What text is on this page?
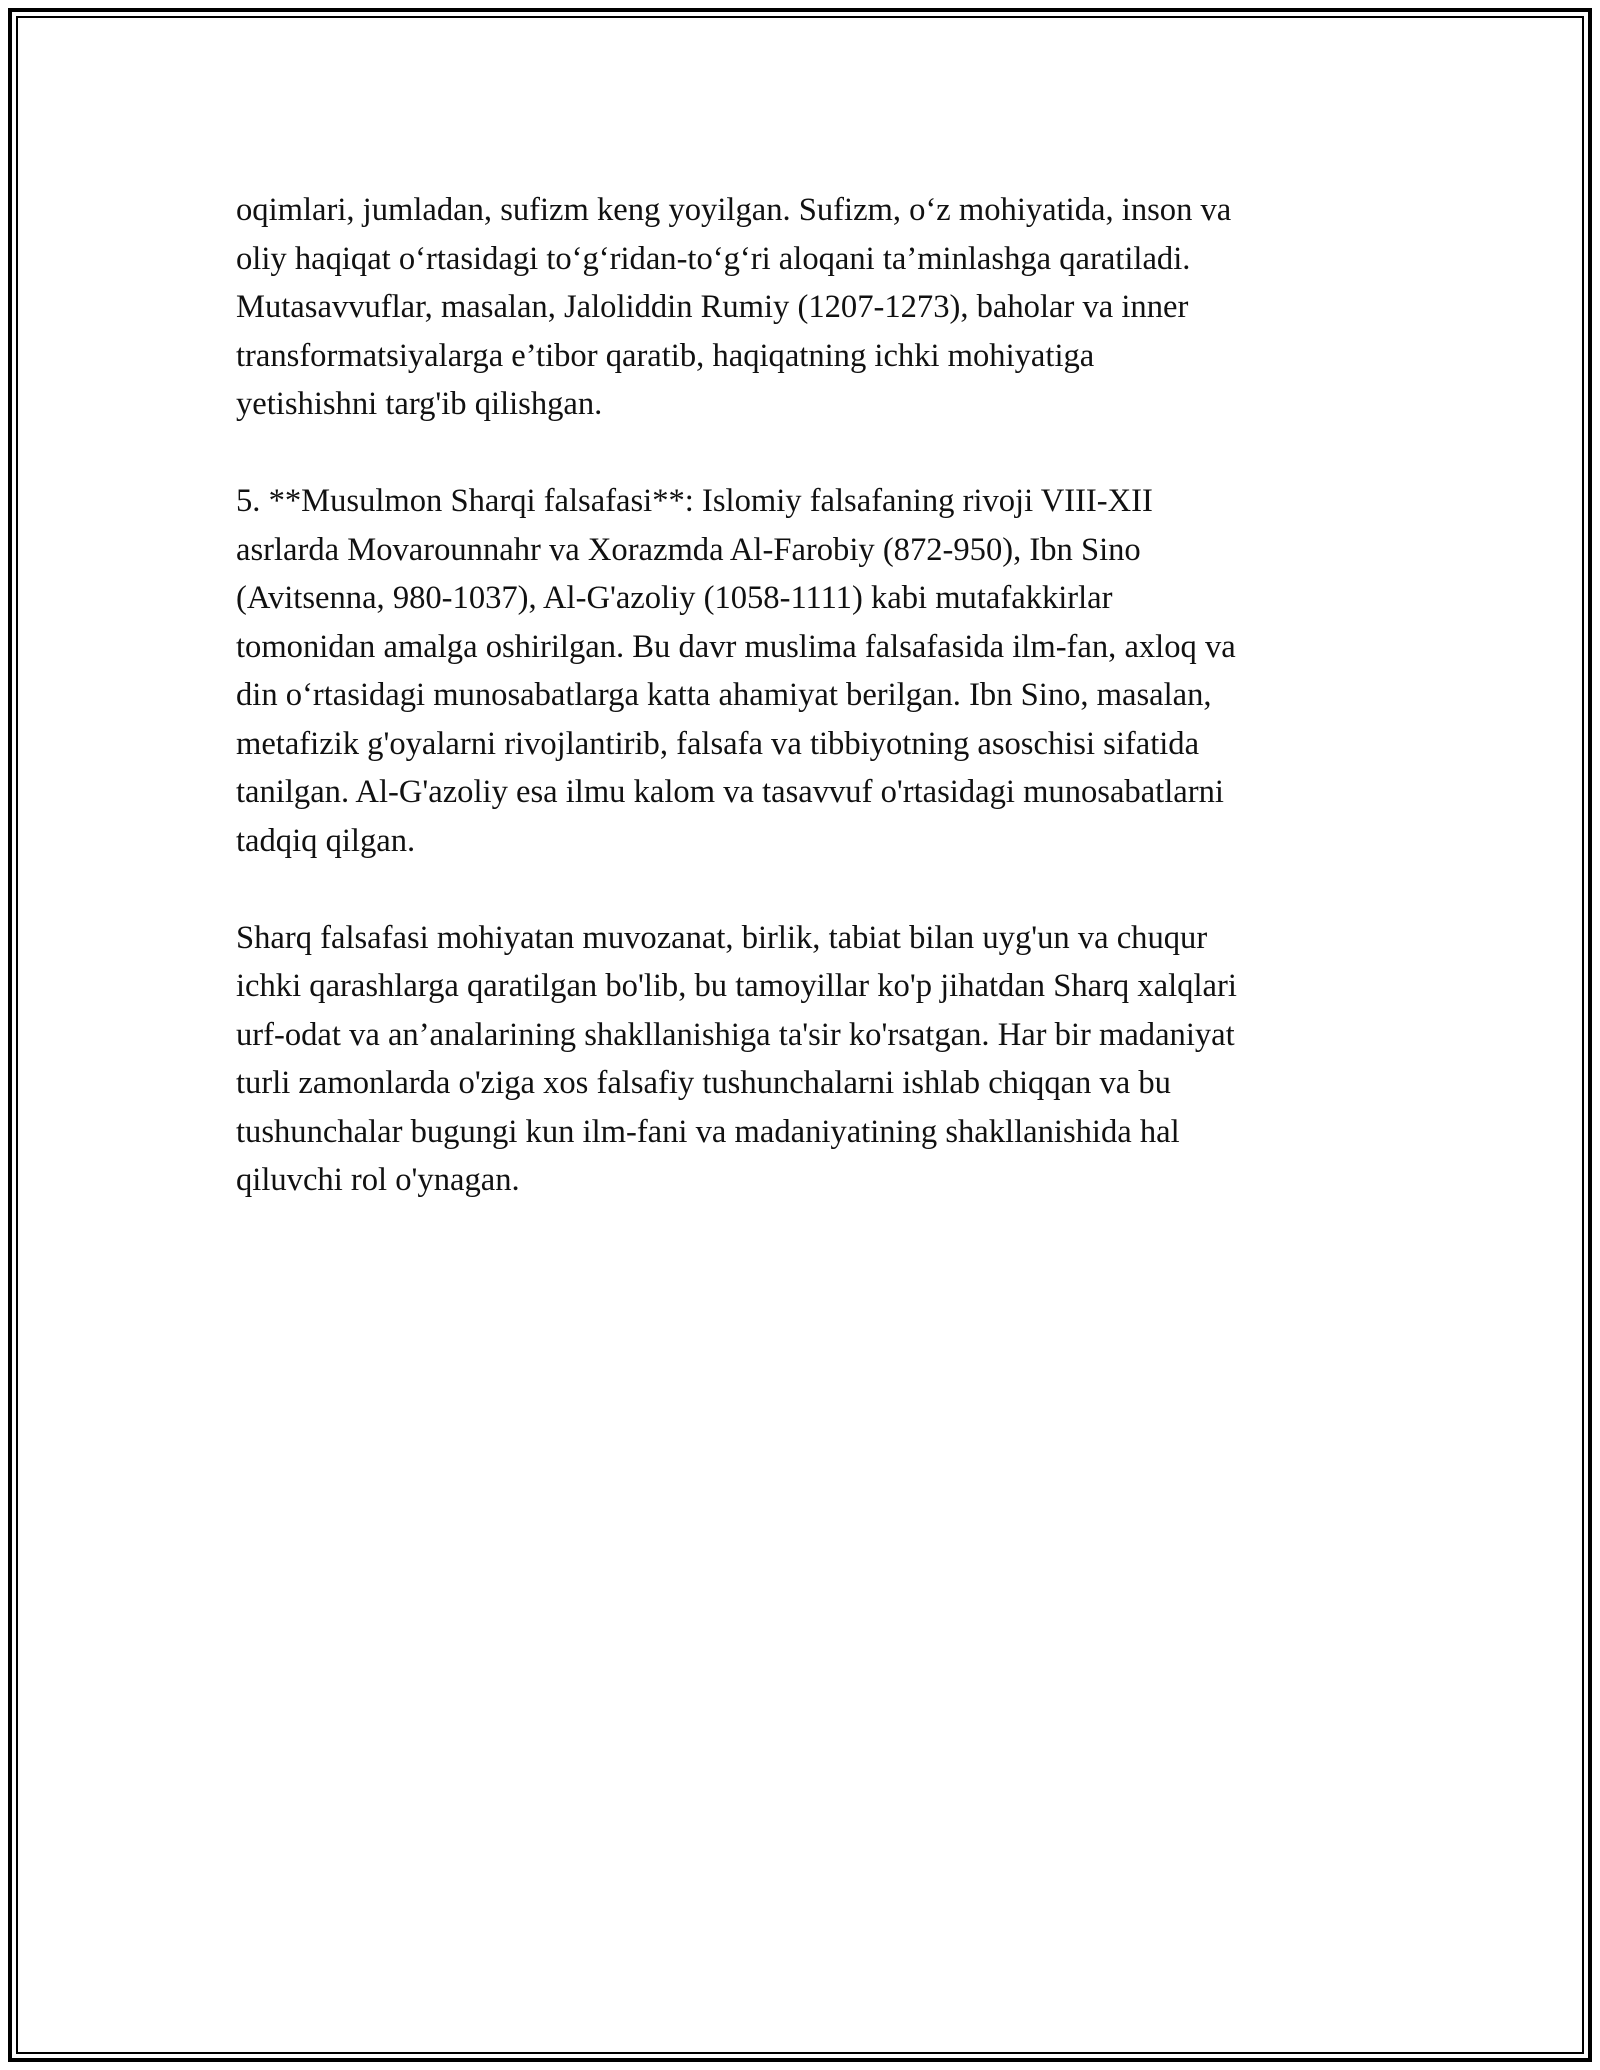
oqimlari, jumladan, sufizm keng yoyilgan. Sufizm, o‘z mohiyatida, inson va
oliy haqiqat o‘rtasidagi to‘g‘ridan-to‘g‘ri aloqani ta’minlashga qaratiladi.
Mutasavvuflar, masalan, Jaloliddin Rumiy (1207-1273), baholar va inner
transformatsiyalarga e’tibor qaratib, haqiqatning ichki mohiyatiga
yetishishni targ'ib qilishgan.
5. **Musulmon Sharqi falsafasi**: Islomiy falsafaning rivoji VIII-XII
asrlarda Movarounnahr va Xorazmda Al-Farobiy (872-950), Ibn Sino
(Avitsenna, 980-1037), Al-G'azoliy (1058-1111) kabi mutafakkirlar
tomonidan amalga oshirilgan. Bu davr muslima falsafasida ilm-fan, axloq va
din o‘rtasidagi munosabatlarga katta ahamiyat berilgan. Ibn Sino, masalan,
metafizik g'oyalarni rivojlantirib, falsafa va tibbiyotning asoschisi sifatida
tanilgan. Al-G'azoliy esa ilmu kalom va tasavvuf o'rtasidagi munosabatlarni
tadqiq qilgan.
Sharq falsafasi mohiyatan muvozanat, birlik, tabiat bilan uyg'un va chuqur
ichki qarashlarga qaratilgan bo'lib, bu tamoyillar ko'p jihatdan Sharq xalqlari
urf-odat va an’analarining shakllanishiga ta'sir ko'rsatgan. Har bir madaniyat
turli zamonlarda o'ziga xos falsafiy tushunchalarni ishlab chiqqan va bu
tushunchalar bugungi kun ilm-fani va madaniyatining shakllanishida hal
qiluvchi rol o'ynagan.
